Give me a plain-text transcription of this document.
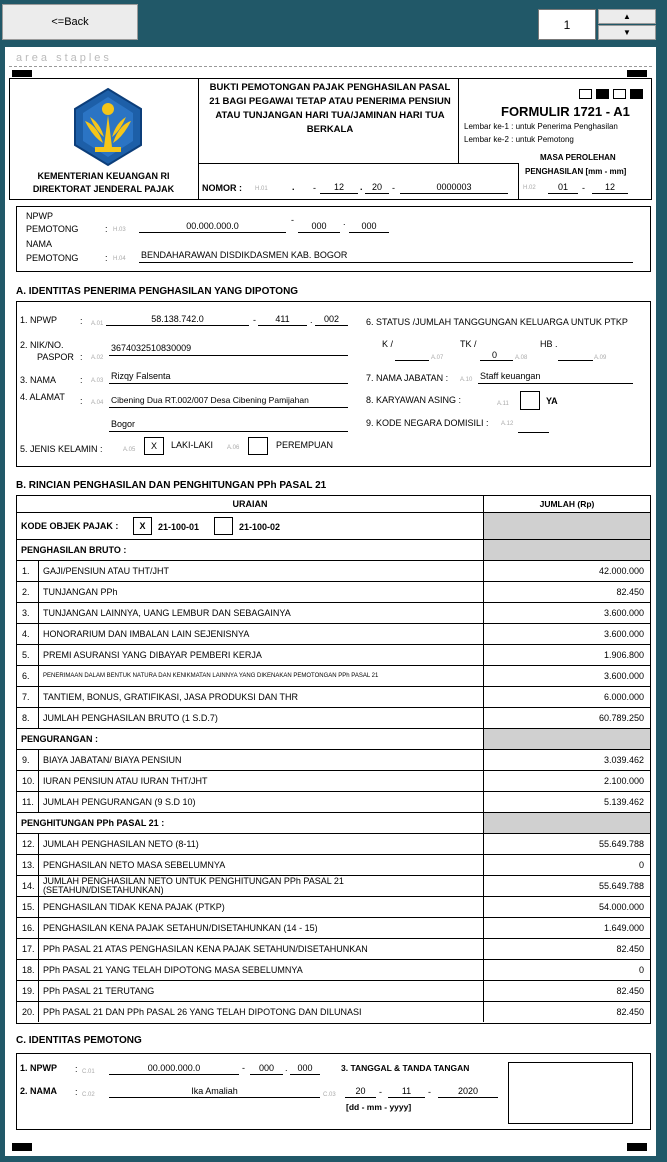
<=Back	1
▲
▼
area staples
KEMENTERIAN KEUANGAN RI
DIREKTORAT JENDERAL PAJAK
BUKTI PEMOTONGAN PAJAK PENGHASILAN PASAL 21 BAGI PEGAWAI TETAP ATAU PENERIMA PENSIUN ATAU TUNJANGAN HARI TUA/JAMINAN HARI TUA BERKALA
FORMULIR 1721 - A1
Lembar ke-1 : untuk Penerima Penghasilan
Lembar ke-2 : untuk Pemotong
MASA PEROLEHAN
PENGHASILAN [mm - mm]
H.02	01	-	12
NOMOR : H.01	. -	12	.	20	-	0000003
NPWP
PEMOTONG	: H.03	00.000.000.0
-
000	.	000
NAMA
PEMOTONG	: H.04 BENDAHARAWAN DISDIKDASMEN KAB. BOGOR
A. IDENTITAS PENERIMA PENGHASILAN YANG DIPOTONG
1. NPWP	: A.01	58.138.742.0	-	411	.	002
2. NIK/NO.
PASPOR : A.02
3674032510830009
3. NAMA	: A.03 Rizqy Falsenta
4. ALAMAT : A.04 Cibening Dua RT.002/007 Desa Cibening Pamijahan
Bogor
5. JENIS KELAMIN :	A.05	X	LAKI-LAKI A.06	PEREMPUAN
6. STATUS /JUMLAH TANGGUNGAN KELUARGA UNTUK PTKP
K /
A.07
TK /
0	A.08
HB .
A.09
7. NAMA JABATAN : A.10 Staff keuangan
8. KARYAWAN ASING :	A.11	YA
9. KODE NEGARA DOMISILI : A.12
B. RINCIAN PENGHASILAN DAN PENGHITUNGAN PPh PASAL 21
URAIAN	JUMLAH (Rp)
KODE OBJEK PAJAK :	X	21-100-01	21-100-02
PENGHASILAN BRUTO :
1.	GAJI/PENSIUN ATAU THT/JHT	42.000.000
2.	TUNJANGAN PPh	82.450
3.	TUNJANGAN LAINNYA, UANG LEMBUR DAN SEBAGAINYA	3.600.000
4.	HONORARIUM DAN IMBALAN LAIN SEJENISNYA	3.600.000
5.	PREMI ASURANSI YANG DIBAYAR PEMBERI KERJA	1.906.800
6.	PENERIMAAN DALAM BENTUK NATURA DAN KENIKMATAN LAINNYA YANG DIKENAKAN PEMOTONGAN PPh PASAL 21	3.600.000
7.	TANTIEM, BONUS, GRATIFIKASI, JASA PRODUKSI DAN THR	6.000.000
8.	JUMLAH PENGHASILAN BRUTO (1 S.D.7)	60.789.250
PENGURANGAN :
9.	BIAYA JABATAN/ BIAYA PENSIUN	3.039.462
10. IURAN PENSIUN ATAU IURAN THT/JHT	2.100.000
11.	JUMLAH PENGURANGAN (9 S.D 10)	5.139.462
PENGHITUNGAN PPh PASAL 21 :
12. JUMLAH PENGHASILAN NETO (8-11)	55.649.788
13. PENGHASILAN NETO MASA SEBELUMNYA	0
14. JUMLAH PENGHASILAN NETO UNTUK PENGHITUNGAN PPh PASAL 21 (SETAHUN/DISETAHUNKAN)	55.649.788
15. PENGHASILAN TIDAK KENA PAJAK (PTKP)	54.000.000
16. PENGHASILAN KENA PAJAK SETAHUN/DISETAHUNKAN (14 - 15)	1.649.000
17. PPh PASAL 21 ATAS PENGHASILAN KENA PAJAK SETAHUN/DISETAHUNKAN	82.450
18. PPh PASAL 21 YANG TELAH DIPOTONG MASA SEBELUMNYA	0
19. PPh PASAL 21 TERUTANG	82.450
20. PPh PASAL 21 DAN PPh PASAL 26 YANG TELAH DIPOTONG DAN DILUNASI	82.450
C. IDENTITAS PEMOTONG
1. NPWP : C.01	00.000.000.0	-	000	.	000	3. TANGGAL & TANDA TANGAN
2. NAMA : C.02	Ika Amaliah	C.03	20	-	11	-	2020
[dd - mm - yyyy]
